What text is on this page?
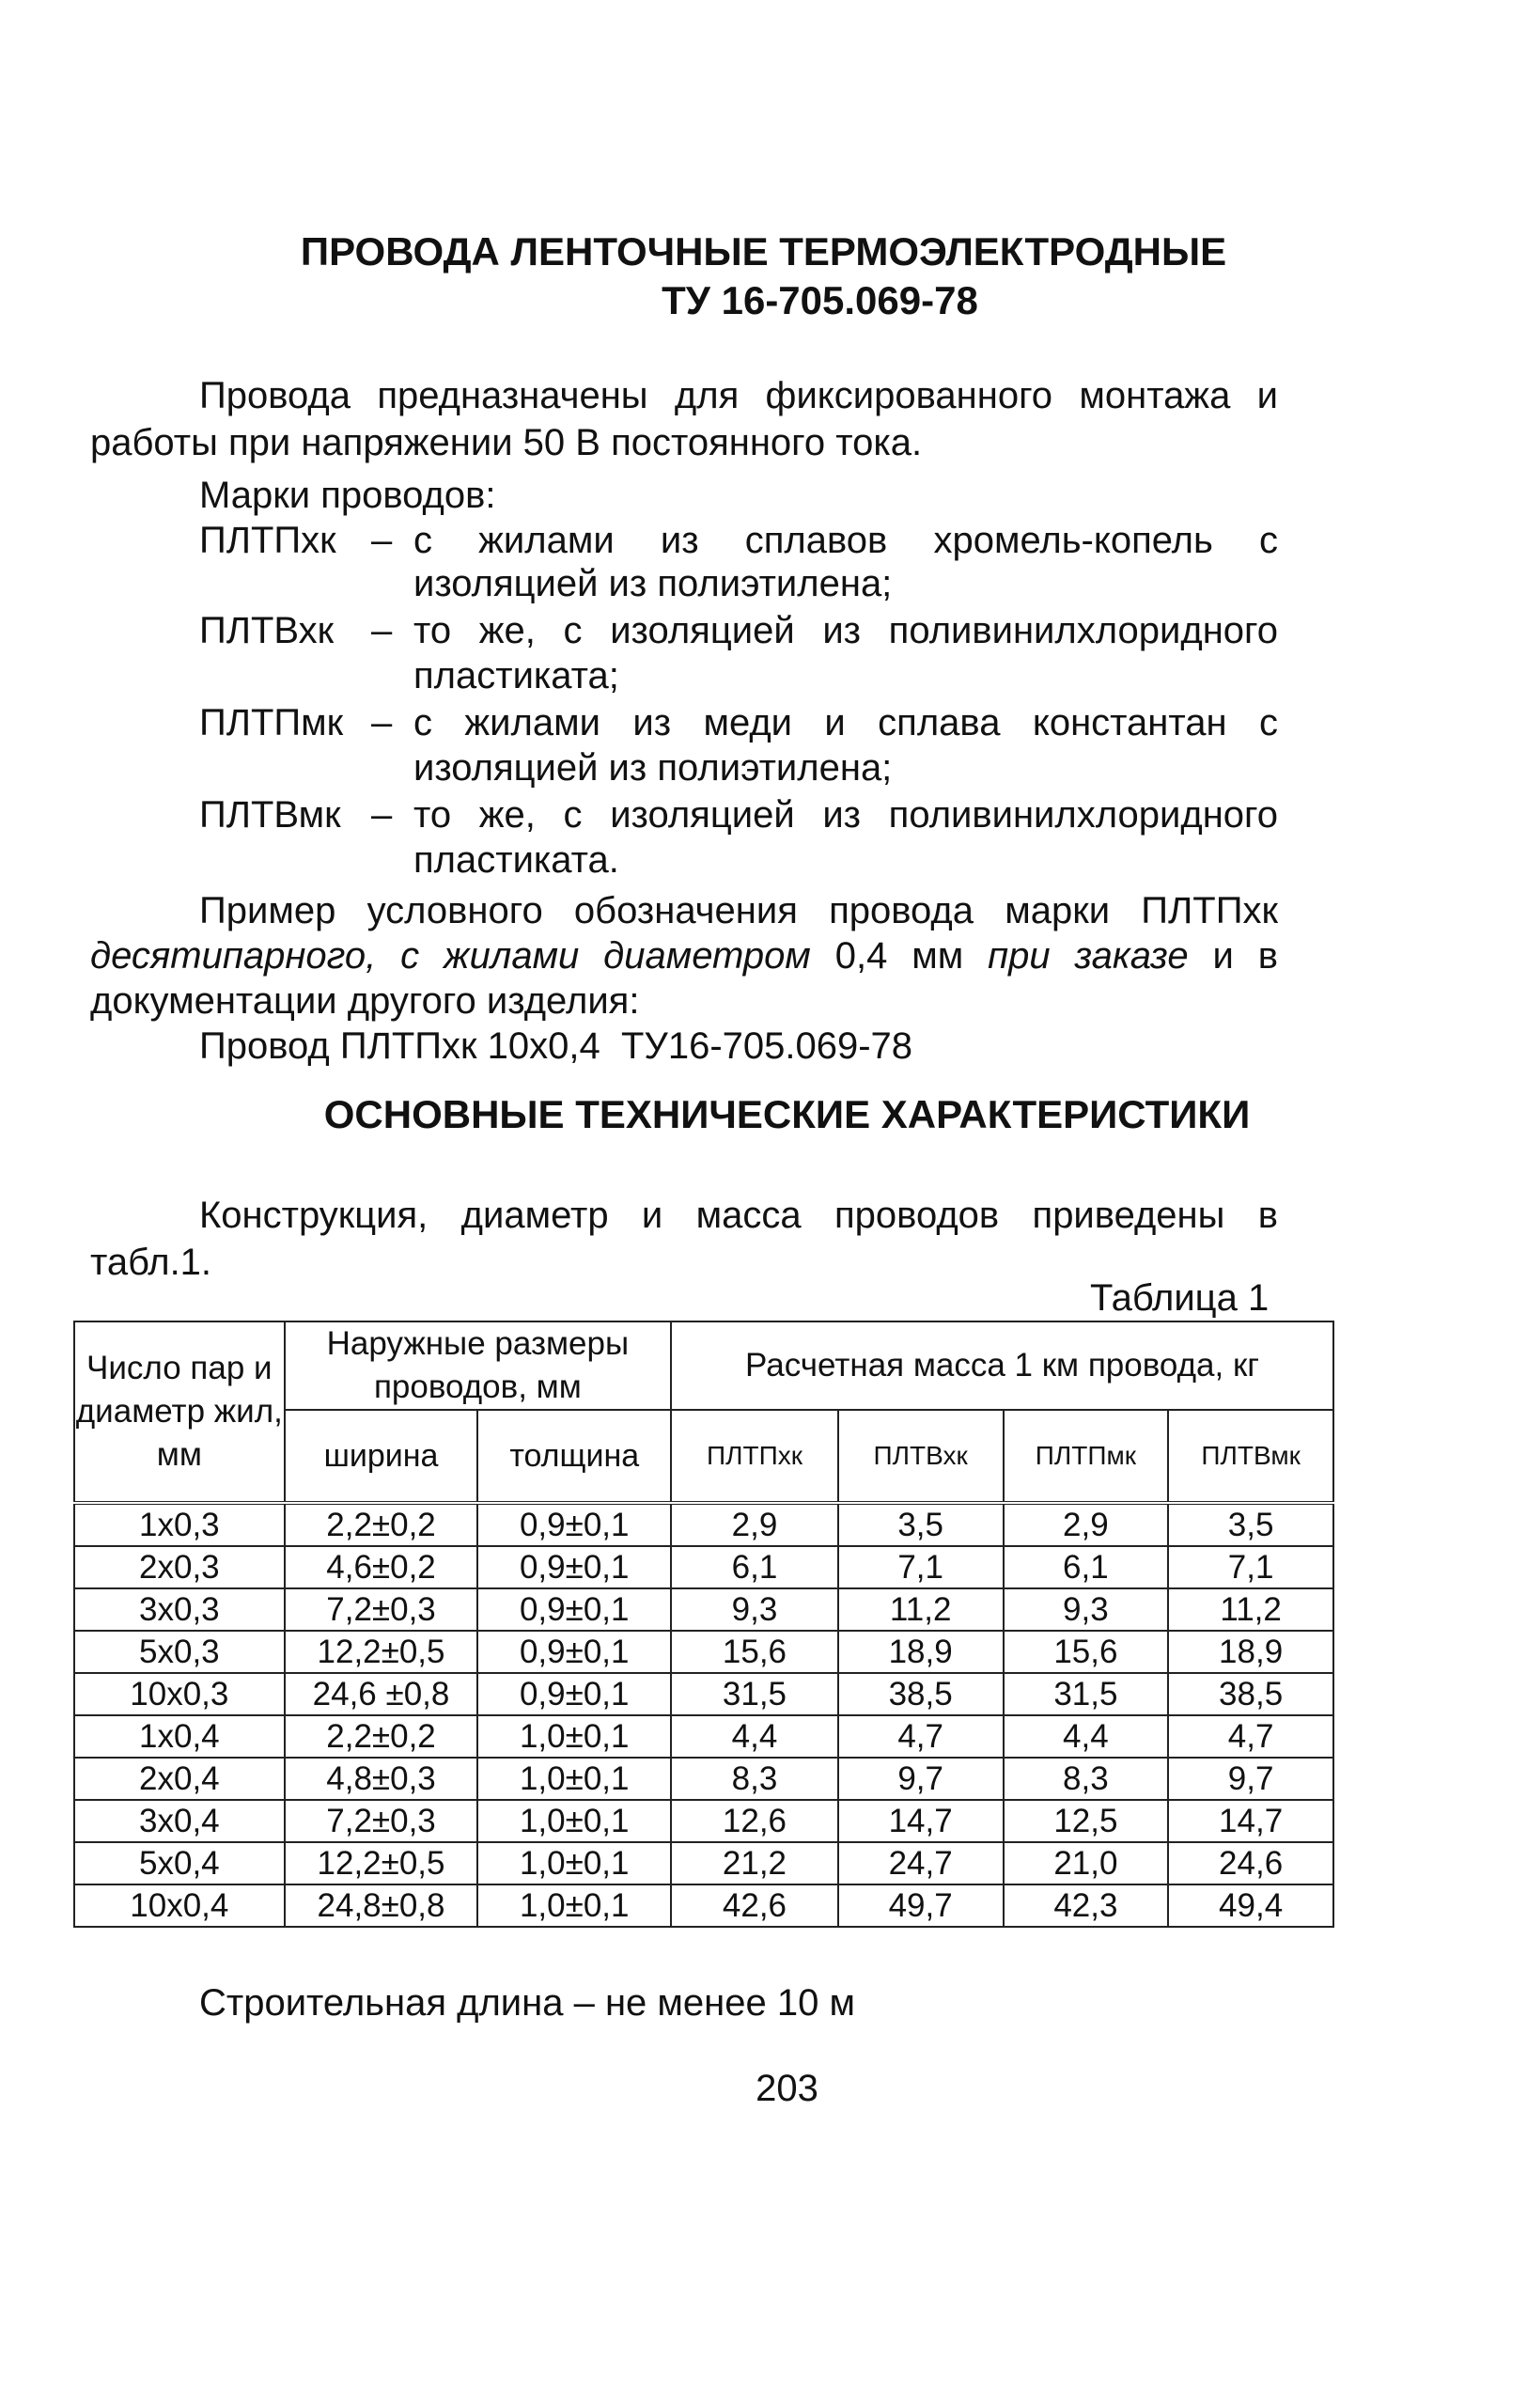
ПРОВОДА ЛЕНТОЧНЫЕ ТЕРМОЭЛЕКТРОДНЫЕ
ТУ 16-705.069-78
Провода предназначены для фиксированного монтажа и
работы при напряжении 50 В постоянного тока.
Марки проводов:
ПЛТПхк – с жилами из сплавов хромель-копель с
изоляцией из полиэтилена;
ПЛТВхк – то же, с изоляцией из поливинилхлоридного
пластиката;
ПЛТПмк – с жилами из меди и сплава константан с
изоляцией из полиэтилена;
ПЛТВмк – то же, с изоляцией из поливинилхлоридного
пластиката.
Пример условного обозначения провода марки ПЛТПхк
десятипарного, с жилами диаметром 0,4 мм при заказе и в
документации другого изделия:
Провод ПЛТПхк 10х0,4  ТУ16-705.069-78
ОСНОВНЫЕ ТЕХНИЧЕСКИЕ ХАРАКТЕРИСТИКИ
Конструкция, диаметр и масса проводов приведены в
табл.1.
Таблица 1
Число пар и диаметр жил, мм	Наружные размеры проводов, мм		Расчетная масса 1 км провода, кг			
	ширина	толщина	ПЛТПхк	ПЛТВхк	ПЛТПмк	ПЛТВмк
1х0,3	2,2±0,2	0,9±0,1	2,9	3,5	2,9	3,5
2х0,3	4,6±0,2	0,9±0,1	6,1	7,1	6,1	7,1
3х0,3	7,2±0,3	0,9±0,1	9,3	11,2	9,3	11,2
5х0,3	12,2±0,5	0,9±0,1	15,6	18,9	15,6	18,9
10х0,3	24,6 ±0,8	0,9±0,1	31,5	38,5	31,5	38,5
1х0,4	2,2±0,2	1,0±0,1	4,4	4,7	4,4	4,7
2х0,4	4,8±0,3	1,0±0,1	8,3	9,7	8,3	9,7
3х0,4	7,2±0,3	1,0±0,1	12,6	14,7	12,5	14,7
5х0,4	12,2±0,5	1,0±0,1	21,2	24,7	21,0	24,6
10х0,4	24,8±0,8	1,0±0,1	42,6	49,7	42,3	49,4
Строительная длина – не менее 10 м
203
